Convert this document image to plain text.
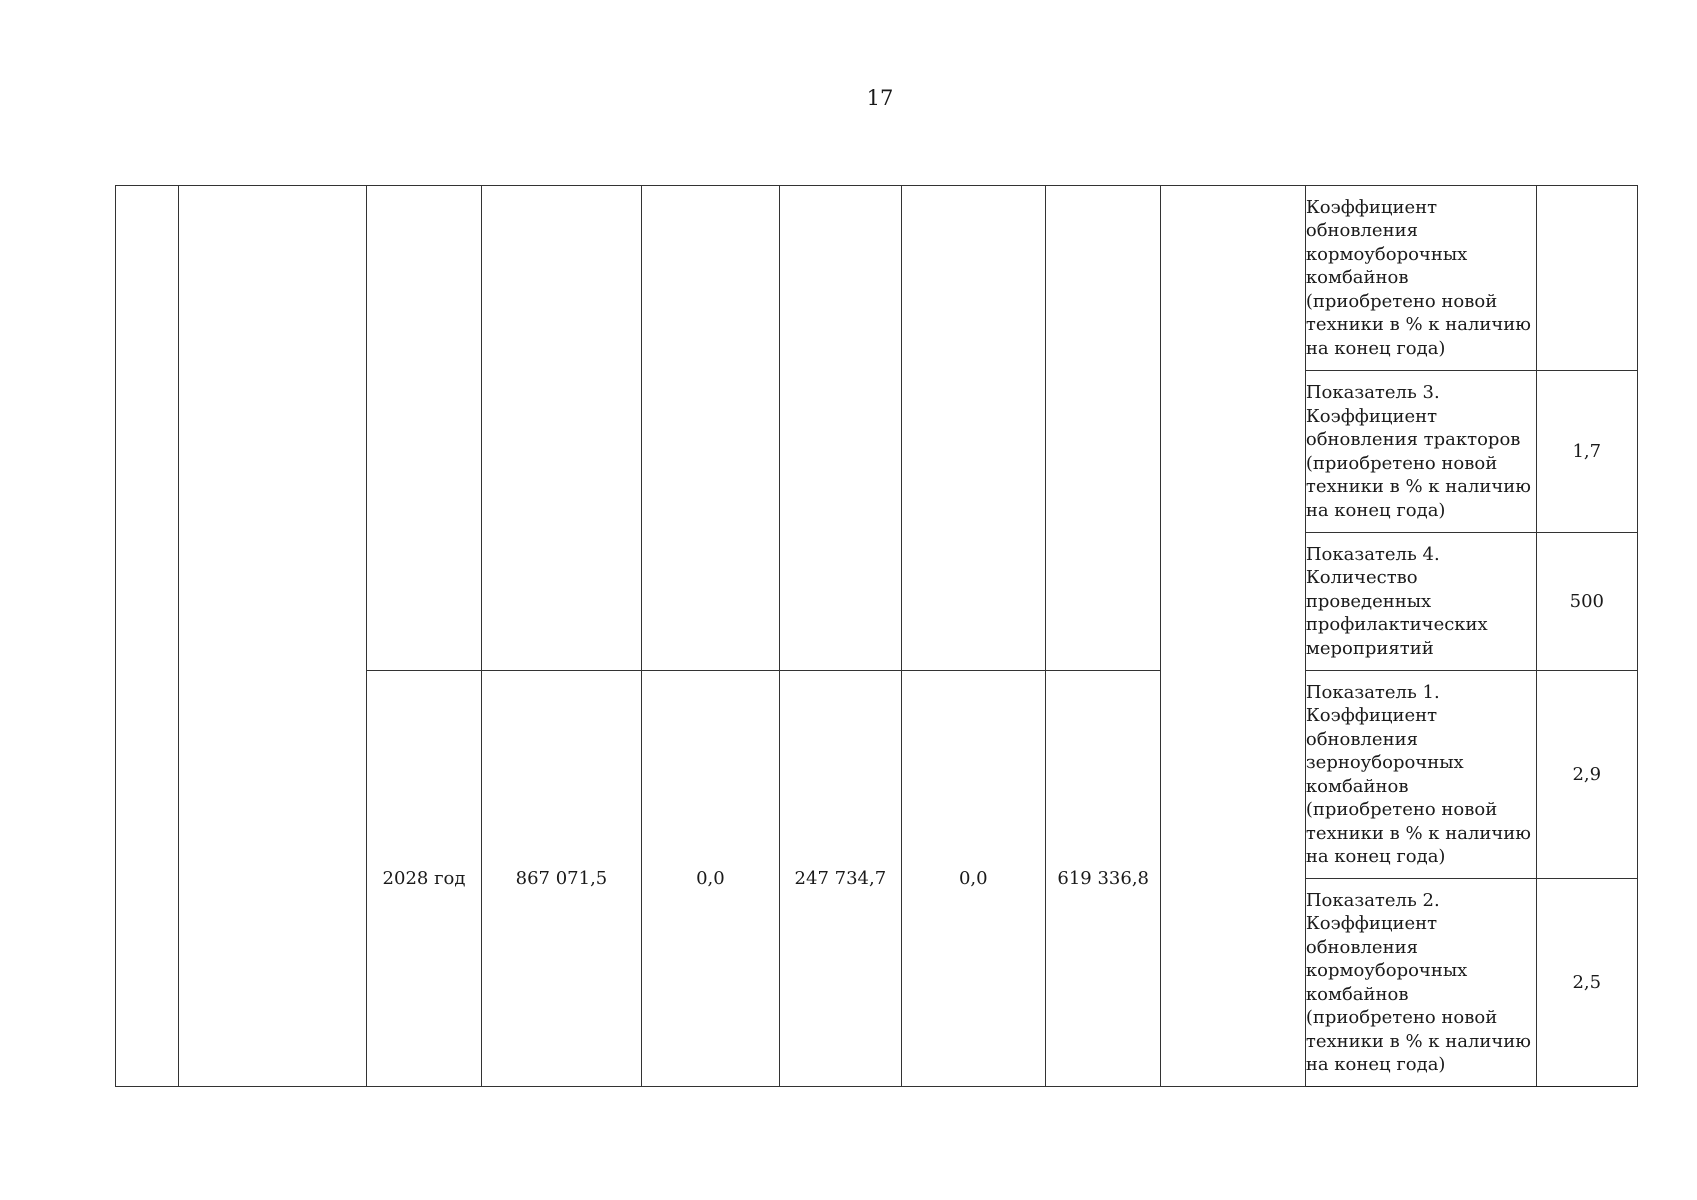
17
									Коэффициент обновления кормоуборочных комбайнов (приобретено новой техники в % к наличию на конец года)	
									Показатель 3. Коэффициент обновления тракторов (приобретено новой техники в % к наличию на конец года)	1,7
									Показатель 4. Количество проведенных профилактических мероприятий	500
		2028 год	867 071,5	0,0	247 734,7	0,0	619 336,8		Показатель 1. Коэффициент обновления зерноуборочных комбайнов (приобретено новой техники в % к наличию на конец года)	2,9
									Показатель 2. Коэффициент обновления кормоуборочных комбайнов (приобретено новой техники в % к наличию на конец года)	2,5
